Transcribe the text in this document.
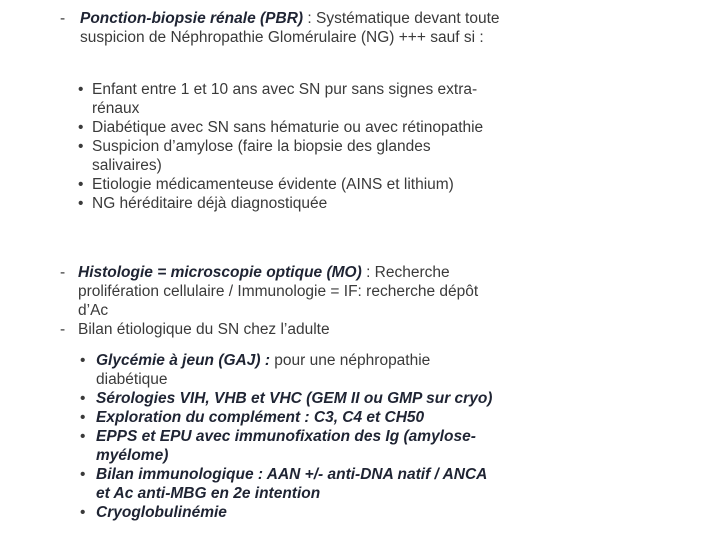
- Ponction-biopsie rénale (PBR) : Systématique devant toute suspicion de Néphropathie Glomérulaire (NG) +++ sauf si :
• Enfant entre 1 et 10 ans avec SN pur sans signes extra-rénaux
• Diabétique avec SN sans hématurie ou avec rétinopathie
• Suspicion d’amylose (faire la biopsie des glandes salivaires)
• Etiologie médicamenteuse évidente (AINS et lithium)
• NG héréditaire déjà diagnostiquée
- Histologie = microscopie optique (MO) : Recherche prolifération cellulaire / Immunologie = IF: recherche dépôt d’Ac
- Bilan étiologique du SN chez l’adulte
• Glycémie à jeun (GAJ) : pour une néphropathie diabétique
• Sérologies VIH, VHB et VHC (GEM II ou GMP sur cryo)
• Exploration du complément : C3, C4 et CH50
• EPPS et EPU avec immunofixation des Ig (amylose-myélome)
• Bilan immunologique : AAN +/- anti-DNA natif / ANCA et Ac anti-MBG en 2e intention
• Cryoglobulinémie
